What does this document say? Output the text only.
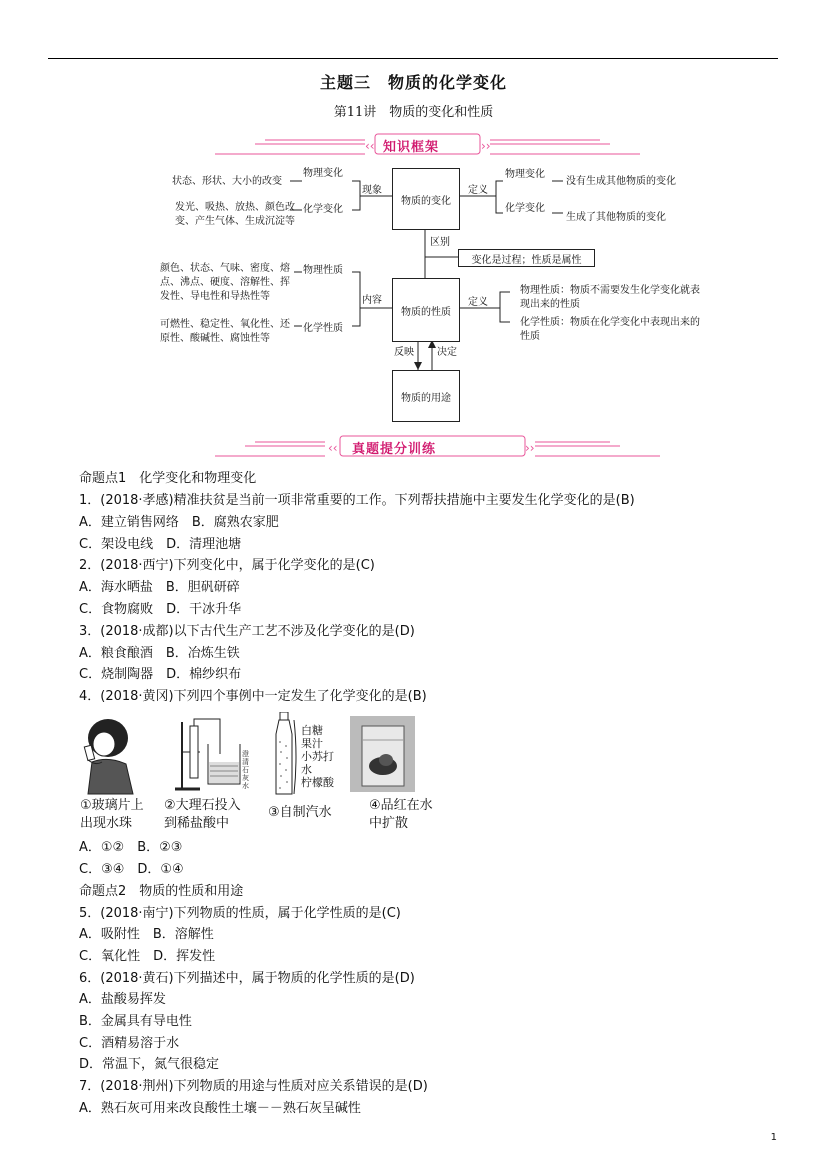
主题三　物质的化学变化
第11讲　物质的变化和性质
‹‹	››
知识框架
状态、形状、大小的改变
发光、吸热、放热、颜色改变、产生气体、生成沉淀等
物理变化
化学变化
现象
物质的变化
定义
物理变化
化学变化
没有生成其他物质的变化
生成了其他物质的变化
区别
变化是过程；性质是属性
颜色、状态、气味、密度、熔点、沸点、硬度、溶解性、挥发性、导电性和导热性等
可燃性、稳定性、氧化性、还原性、酸碱性、腐蚀性等
物理性质
化学性质
内容
物质的性质
定义
物理性质：物质不需要发生化学变化就表现出来的性质
化学性质：物质在化学变化中表现出来的性质
反映 决定
物质的用途
‹‹	››
真题提分训练
命题点1　化学变化和物理变化
1．(2018·孝感)精准扶贫是当前一项非常重要的工作。下列帮扶措施中主要发生化学变化的是(B)
A．建立销售网络　B．腐熟农家肥
C．架设电线　D．清理池塘
2．(2018·西宁)下列变化中，属于化学变化的是(C)
A．海水晒盐　B．胆矾研碎
C．食物腐败　D．干冰升华
3．(2018·成都)以下古代生产工艺不涉及化学变化的是(D)
A．粮食酿酒　B．冶炼生铁
C．烧制陶器　D．棉纱织布
4．(2018·黄冈)下列四个事例中一定发生了化学变化的是(B)
澄
清
石
灰
水
白糖
果汁
小苏打
水
柠檬酸
①玻璃片上
出现水珠
②大理石投入
到稀盐酸中
③自制汽水	④品红在水
中扩散
A．①②　B．②③
C．③④　D．①④
命题点2　物质的性质和用途
5．(2018·南宁)下列物质的性质，属于化学性质的是(C)
A．吸附性　B．溶解性
C．氧化性　D．挥发性
6．(2018·黄石)下列描述中，属于物质的化学性质的是(D)
A．盐酸易挥发
B．金属具有导电性
C．酒精易溶于水
D．常温下，氮气很稳定
7．(2018·荆州)下列物质的用途与性质对应关系错误的是(D)
A．熟石灰可用来改良酸性土壤－－熟石灰呈碱性
1
